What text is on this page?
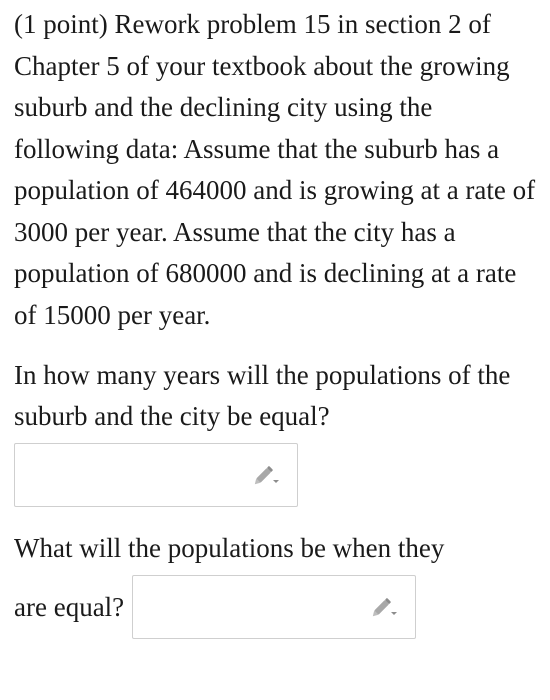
(1 point) Rework problem 15 in section 2 of Chapter 5 of your textbook about the growing suburb and the declining city using the following data: Assume that the suburb has a population of 464000 and is growing at a rate of 3000 per year. Assume that the city has a population of 680000 and is declining at a rate of 15000 per year.

In how many years will the populations of the suburb and the city be equal?

What will the populations be when they

are equal?
